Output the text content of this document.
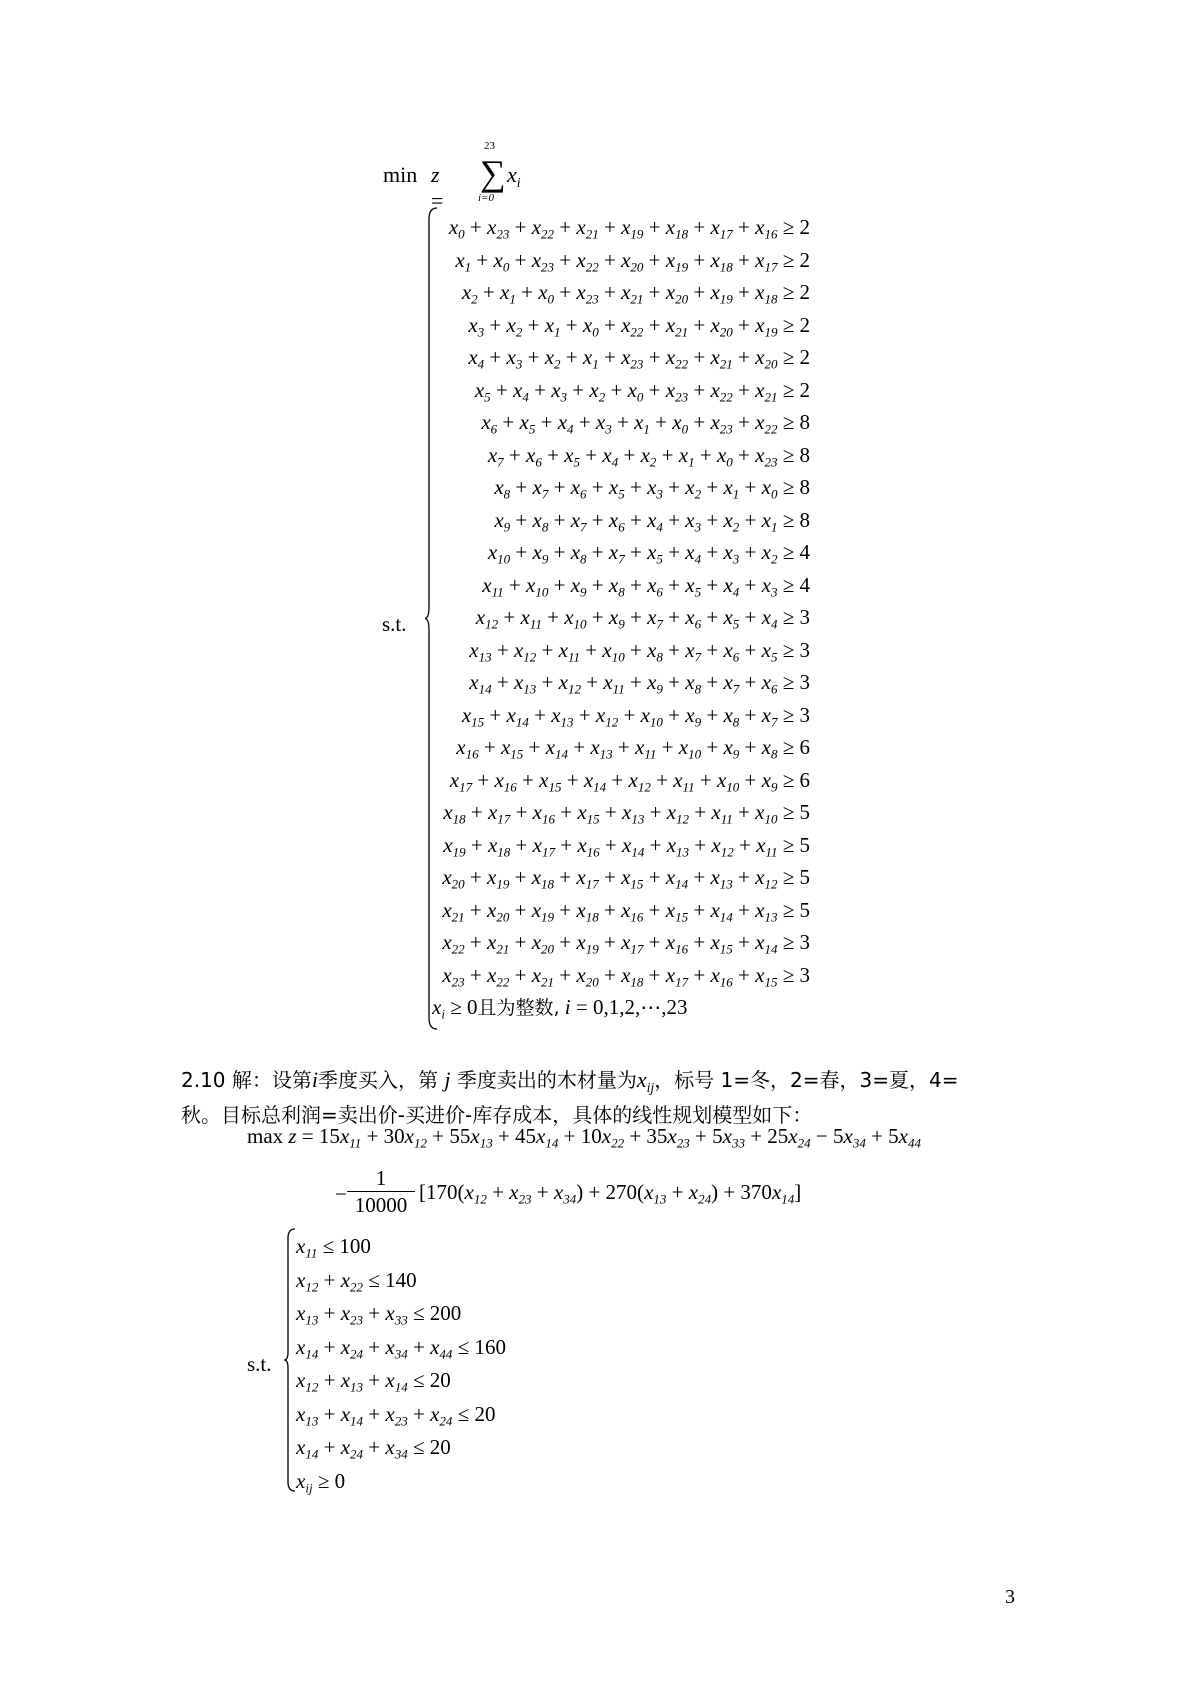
min z =
23
∑
i=0
$x_i$
s.t.
$x_0 + x_{23} + x_{22} + x_{21} + x_{19} + x_{18} + x_{17} + x_{16} \ge 2$
$x_1 + x_0 + x_{23} + x_{22} + x_{20} + x_{19} + x_{18} + x_{17} \ge 2$
$x_2 + x_1 + x_0 + x_{23} + x_{21} + x_{20} + x_{19} + x_{18} \ge 2$
$x_3 + x_2 + x_1 + x_0 + x_{22} + x_{21} + x_{20} + x_{19} \ge 2$
$x_4 + x_3 + x_2 + x_1 + x_{23} + x_{22} + x_{21} + x_{20} \ge 2$
$x_5 + x_4 + x_3 + x_2 + x_0 + x_{23} + x_{22} + x_{21} \ge 2$
$x_6 + x_5 + x_4 + x_3 + x_1 + x_0 + x_{23} + x_{22} \ge 8$
$x_7 + x_6 + x_5 + x_4 + x_2 + x_1 + x_0 + x_{23} \ge 8$
$x_8 + x_7 + x_6 + x_5 + x_3 + x_2 + x_1 + x_0 \ge 8$
$x_9 + x_8 + x_7 + x_6 + x_4 + x_3 + x_2 + x_1 \ge 8$
$x_{10} + x_9 + x_8 + x_7 + x_5 + x_4 + x_3 + x_2 \ge 4$
$x_{11} + x_{10} + x_9 + x_8 + x_6 + x_5 + x_4 + x_3 \ge 4$
$x_{12} + x_{11} + x_{10} + x_9 + x_7 + x_6 + x_5 + x_4 \ge 3$
$x_{13} + x_{12} + x_{11} + x_{10} + x_8 + x_7 + x_6 + x_5 \ge 3$
$x_{14} + x_{13} + x_{12} + x_{11} + x_9 + x_8 + x_7 + x_6 \ge 3$
$x_{15} + x_{14} + x_{13} + x_{12} + x_{10} + x_9 + x_8 + x_7 \ge 3$
$x_{16} + x_{15} + x_{14} + x_{13} + x_{11} + x_{10} + x_9 + x_8 \ge 6$
$x_{17} + x_{16} + x_{15} + x_{14} + x_{12} + x_{11} + x_{10} + x_9 \ge 6$
$x_{18} + x_{17} + x_{16} + x_{15} + x_{13} + x_{12} + x_{11} + x_{10} \ge 5$
$x_{19} + x_{18} + x_{17} + x_{16} + x_{14} + x_{13} + x_{12} + x_{11} \ge 5$
$x_{20} + x_{19} + x_{18} + x_{17} + x_{15} + x_{14} + x_{13} + x_{12} \ge 5$
$x_{21} + x_{20} + x_{19} + x_{18} + x_{16} + x_{15} + x_{14} + x_{13} \ge 5$
$x_{22} + x_{21} + x_{20} + x_{19} + x_{17} + x_{16} + x_{15} + x_{14} \ge 3$
$x_{23} + x_{22} + x_{21} + x_{20} + x_{18} + x_{17} + x_{16} + x_{15} \ge 3$
$x_i \ge 0$且为整数, i = 0,1,2,⋯,23
2.10 解：设第i季度买入，第 j 季度卖出的木材量为$x_{ij}$，标号 1=冬，2=春，3=夏，4=
秋。目标总利润=卖出价-买进价-库存成本，具体的线性规划模型如下：
$\max z = 15x_{11} + 30x_{12} + 55x_{13} + 45x_{14} + 10x_{22} + 35x_{23} + 5x_{33} + 25x_{24} - 5x_{34} + 5x_{44}$
−
1
10000
$[170(x_{12} + x_{23} + x_{34}) + 270(x_{13} + x_{24}) + 370x_{14}]$
s.t.
$x_{11} \le 100$
$x_{12} + x_{22} \le 140$
$x_{13} + x_{23} + x_{33} \le 200$
$x_{14} + x_{24} + x_{34} + x_{44} \le 160$
$x_{12} + x_{13} + x_{14} \le 20$
$x_{13} + x_{14} + x_{23} + x_{24} \le 20$
$x_{14} + x_{24} + x_{34} \le 20$
$x_{ij} \ge 0$
3
